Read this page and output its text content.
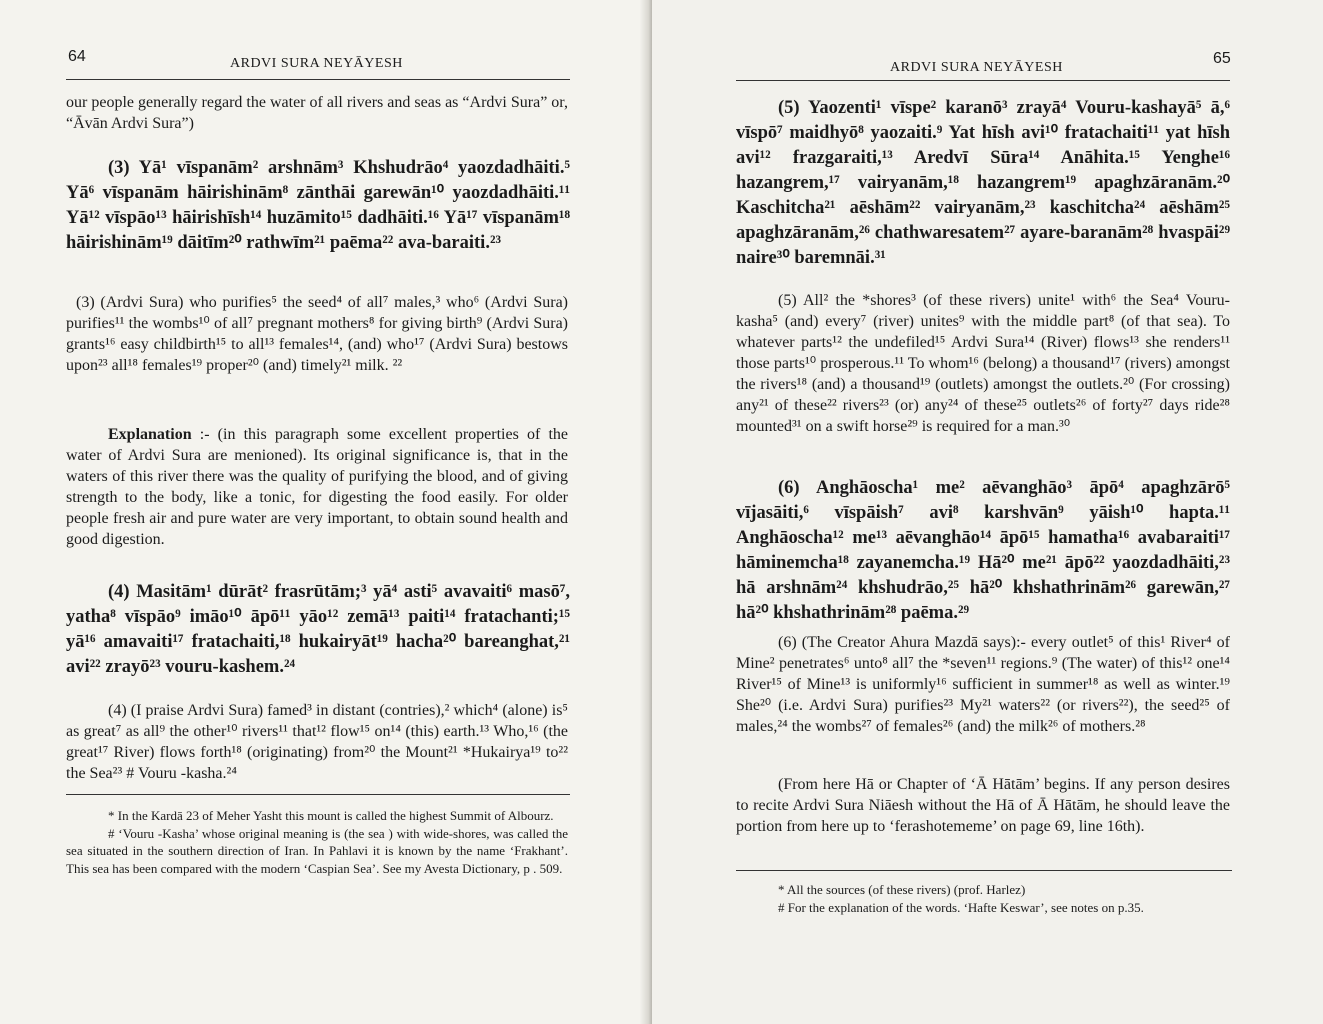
64	ARDVI SURA NEYĀYESH

our people generally regard the water of all rivers and seas as “Ardvi Sura” or, “Āvān Ardvi Sura”)

(3) Yā¹ vīspanām² arshnām³ Khshudrāo⁴ yaozdadhāiti.⁵ Yā⁶ vīspanām hāirishinām⁸ zānthāi garewān¹⁰ yaozdadhāiti.¹¹ Yā¹² vīspāo¹³ hāirishīsh¹⁴ huzāmito¹⁵ dadhāiti.¹⁶ Yā¹⁷ vīspanām¹⁸ hāirishinām¹⁹ dāitīm²⁰ rathwīm²¹ paēma²² ava-baraiti.²³

(3) (Ardvi Sura) who purifies⁵ the seed⁴ of all⁷ males,³ who⁶ (Ardvi Sura) purifies¹¹ the wombs¹⁰ of all⁷ pregnant mothers⁸ for giving birth⁹ (Ardvi Sura) grants¹⁶ easy childbirth¹⁵ to all¹³ females¹⁴, (and) who¹⁷ (Ardvi Sura) bestows upon²³ all¹⁸ females¹⁹ proper²⁰ (and) timely²¹ milk. ²²

Explanation :- (in this paragraph some excellent properties of the water of Ardvi Sura are menioned). Its original significance is, that in the waters of this river there was the quality of purifying the blood, and of giving strength to the body, like a tonic, for digesting the food easily. For older people fresh air and pure water are very important, to obtain sound health and good digestion.

(4) Masitām¹ dūrāt² frasrūtām;³ yā⁴ asti⁵ avavaiti⁶ masō⁷, yatha⁸ vīspāo⁹ imāo¹⁰ āpō¹¹ yāo¹² zemā¹³ paiti¹⁴ fratachanti;¹⁵ yā¹⁶ amavaiti¹⁷ fratachaiti,¹⁸ hukairyāt¹⁹ hacha²⁰ bareanghat,²¹ avi²² zrayō²³ vouru-kashem.²⁴

(4) (I praise Ardvi Sura) famed³ in distant (contries),² which⁴ (alone) is⁵ as great⁷ as all⁹ the other¹⁰ rivers¹¹ that¹² flow¹⁵ on¹⁴ (this) earth.¹³ Who,¹⁶ (the great¹⁷ River) flows forth¹⁸ (originating) from²⁰ the Mount²¹ *Hukairya¹⁹ to²² the Sea²³ # Vouru -kasha.²⁴

* In the Kardā 23 of Meher Yasht this mount is called the highest Summit of Albourz.

# ‘Vouru -Kasha’ whose original meaning is (the sea ) with wide-shores, was called the sea situated in the southern direction of Iran. In Pahlavi it is known by the name ‘Frakhant’. This sea has been compared with the modern ‘Caspian Sea’. See my Avesta Dictionary, p . 509.

65
ARDVI SURA NEYĀYESH

(5) Yaozenti¹ vīspe² karanō³ zrayā⁴ Vouru-kashayā⁵ ā,⁶ vīspō⁷ maidhyō⁸ yaozaiti.⁹ Yat hīsh avi¹⁰ fratachaiti¹¹ yat hīsh avi¹² frazgaraiti,¹³ Aredvī Sūra¹⁴ Anāhita.¹⁵ Yenghe¹⁶ hazangrem,¹⁷ vairyanām,¹⁸ hazangrem¹⁹ apaghzāranām.²⁰ Kaschitcha²¹ aēshām²² vairyanām,²³ kaschitcha²⁴ aēshām²⁵ apaghzāranām,²⁶ chathwaresatem²⁷ ayare-baranām²⁸ hvaspāi²⁹ naire³⁰ baremnāi.³¹

(5) All² the *shores³ (of these rivers) unite¹ with⁶ the Sea⁴ Vouru-kasha⁵ (and) every⁷ (river) unites⁹ with the middle part⁸ (of that sea). To whatever parts¹² the undefiled¹⁵ Ardvi Sura¹⁴ (River) flows¹³ she renders¹¹ those parts¹⁰ prosperous.¹¹ To whom¹⁶ (belong) a thousand¹⁷ (rivers) amongst the rivers¹⁸ (and) a thousand¹⁹ (outlets) amongst the outlets.²⁰ (For crossing) any²¹ of these²² rivers²³ (or) any²⁴ of these²⁵ outlets²⁶ of forty²⁷ days ride²⁸ mounted³¹ on a swift horse²⁹ is required for a man.³⁰

(6) Anghāoscha¹ me² aēvanghāo³ āpō⁴ apaghzārō⁵ vījasāiti,⁶ vīspāish⁷ avi⁸ karshvān⁹ yāish¹⁰ hapta.¹¹ Anghāoscha¹² me¹³ aēvanghāo¹⁴ āpō¹⁵ hamatha¹⁶ avabaraiti¹⁷ hāminemcha¹⁸ zayanemcha.¹⁹ Hā²⁰ me²¹ āpō²² yaozdadhāiti,²³ hā arshnām²⁴ khshudrāo,²⁵ hā²⁰ khshathrinām²⁶ garewān,²⁷ hā²⁰ khshathrinām²⁸ paēma.²⁹

(6) (The Creator Ahura Mazdā says):- every outlet⁵ of this¹ River⁴ of Mine² penetrates⁶ unto⁸ all⁷ the *seven¹¹ regions.⁹ (The water) of this¹² one¹⁴ River¹⁵ of Mine¹³ is uniformly¹⁶ sufficient in summer¹⁸ as well as winter.¹⁹ She²⁰ (i.e. Ardvi Sura) purifies²³ My²¹ waters²² (or rivers²²), the seed²⁵ of males,²⁴ the wombs²⁷ of females²⁶ (and) the milk²⁶ of mothers.²⁸

(From here Hā or Chapter of ‘Ā Hātām’ begins. If any person desires to recite Ardvi Sura Niāesh without the Hā of Ā Hātām, he should leave the portion from here up to ‘ferashotememe’ on page 69, line 16th).

* All the sources (of these rivers) (prof. Harlez)

# For the explanation of the words. ‘Hafte Keswar’, see notes on p.35.
